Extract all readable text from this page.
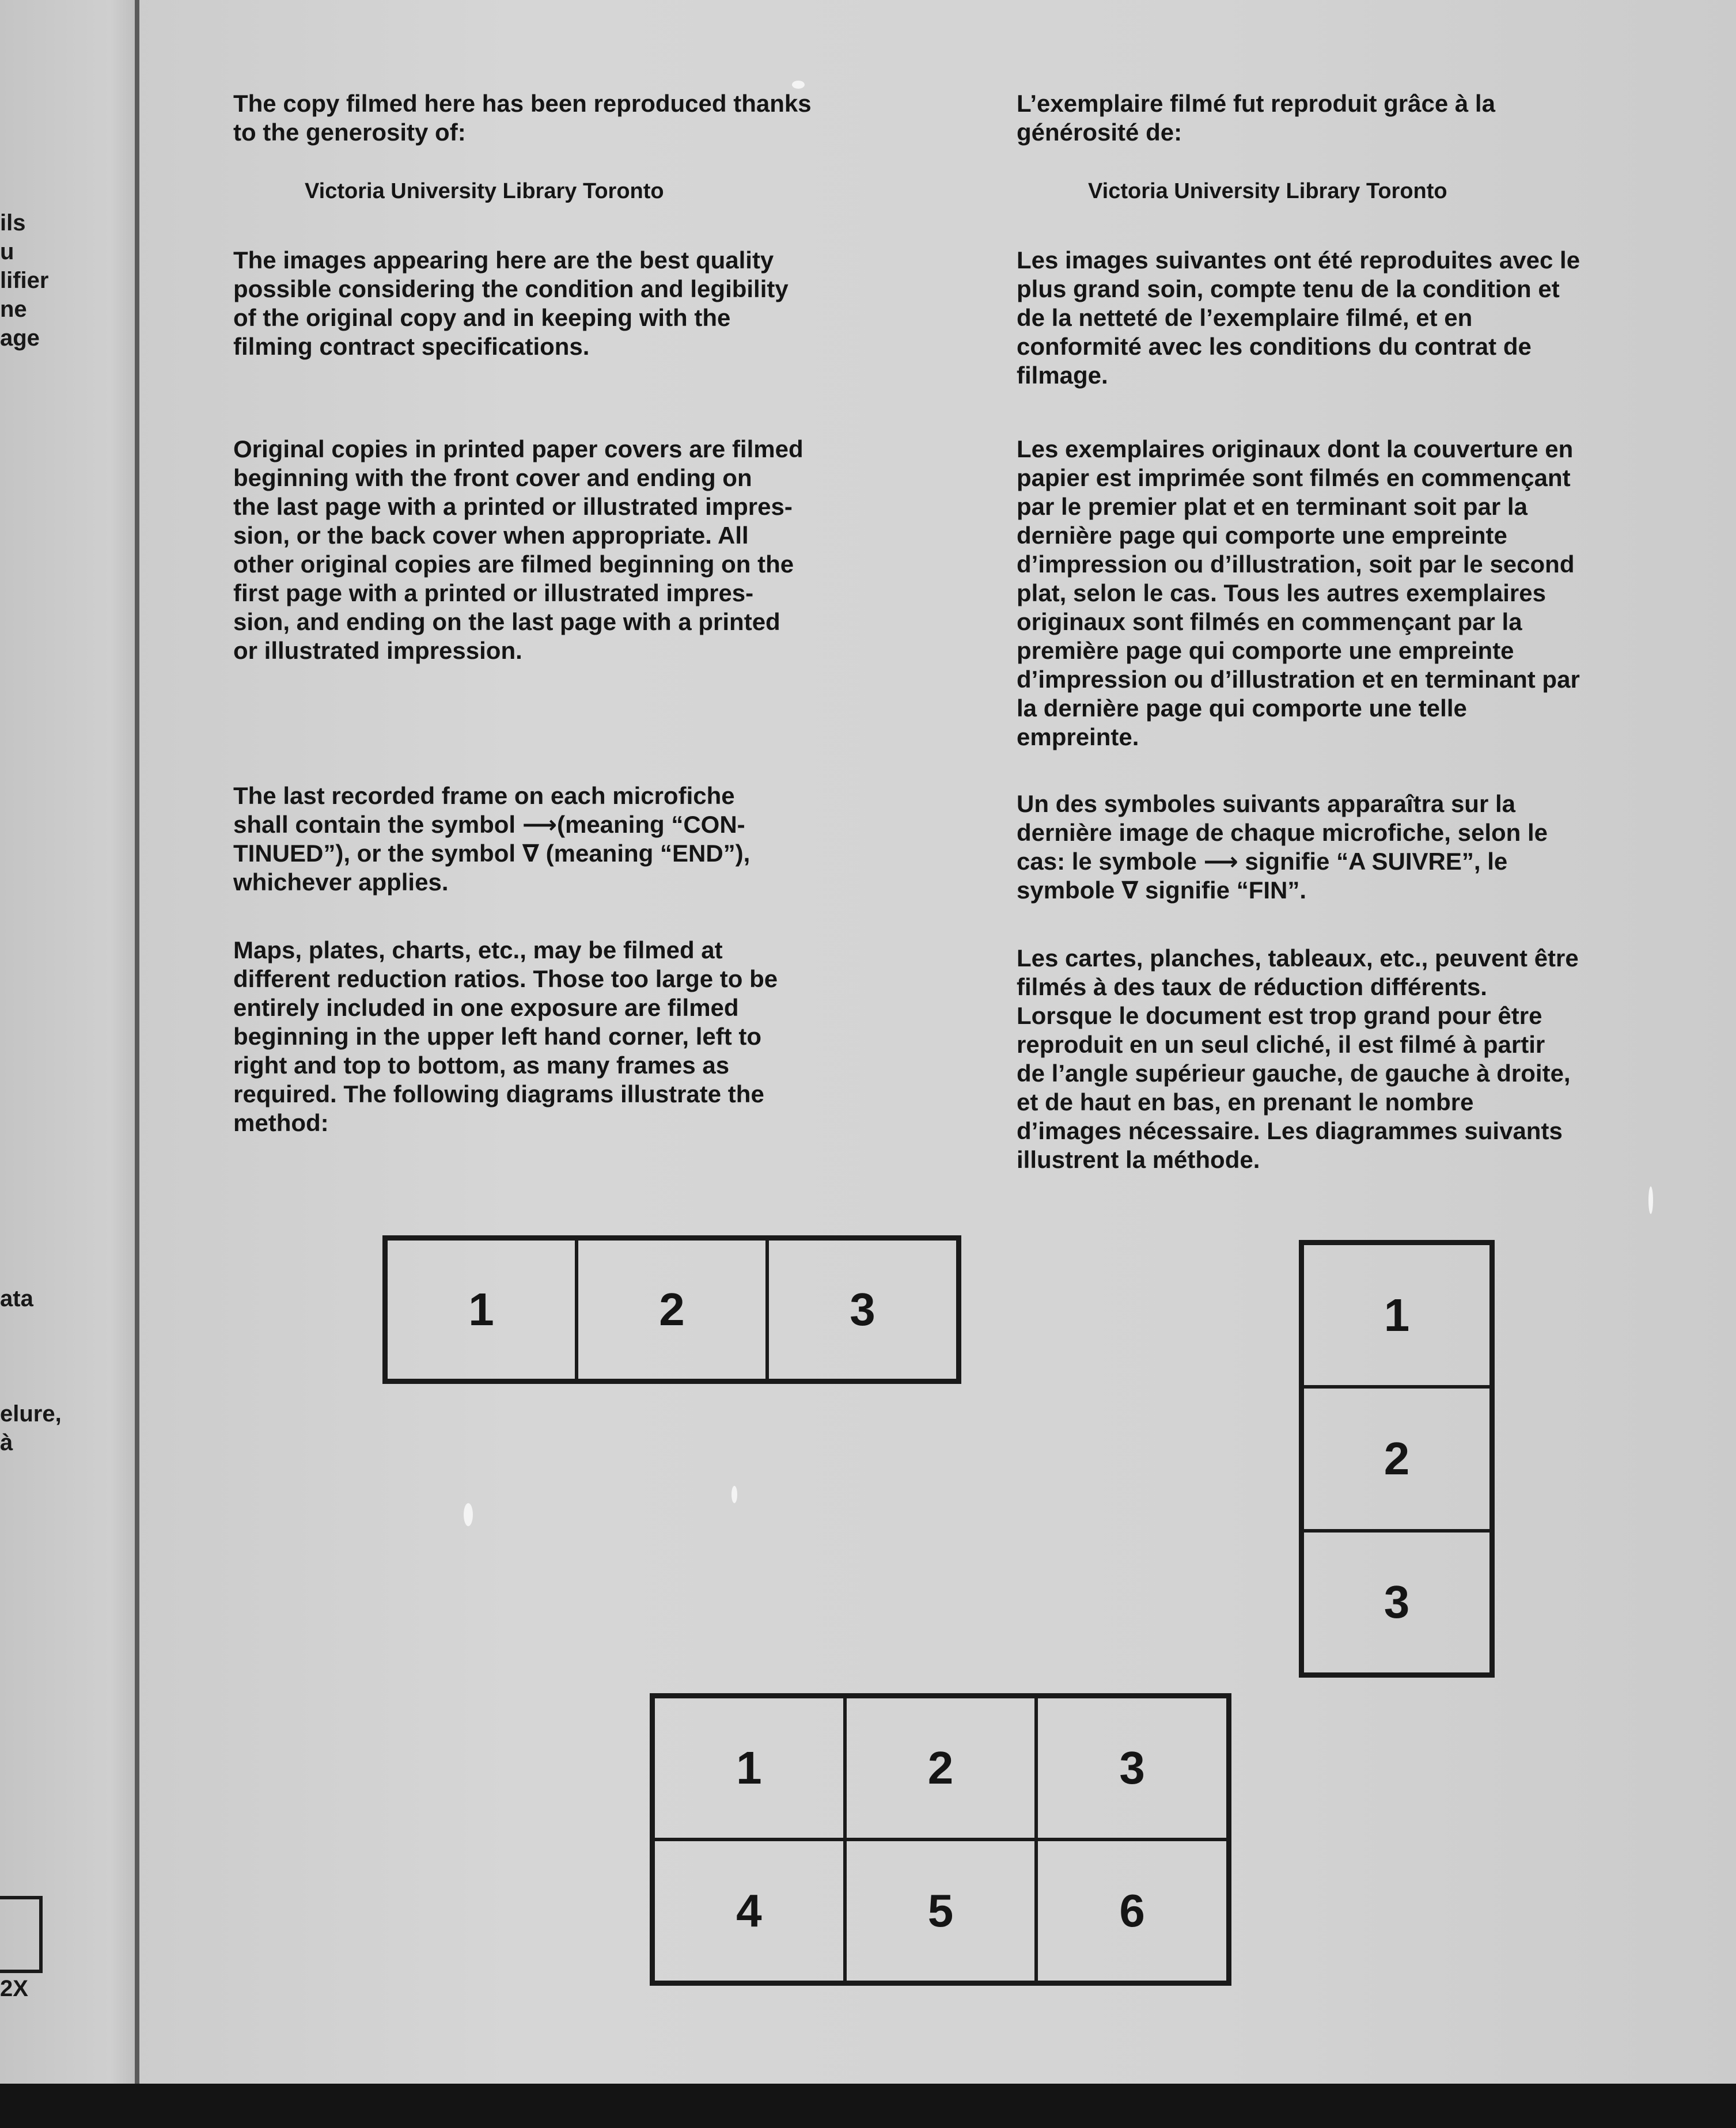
ils
u
lifier
ne
age
ata
elure,
à
2X

The copy filmed here has been reproduced thanks
to the generosity of:

Victoria University Library Toronto

The images appearing here are the best quality
possible considering the condition and legibility
of the original copy and in keeping with the
filming contract specifications.

Original copies in printed paper covers are filmed
beginning with the front cover and ending on
the last page with a printed or illustrated impres-
sion, or the back cover when appropriate. All
other original copies are filmed beginning on the
first page with a printed or illustrated impres-
sion, and ending on the last page with a printed
or illustrated impression.

The last recorded frame on each microfiche
shall contain the symbol ⟶(meaning “CON-
TINUED”), or the symbol ∇ (meaning “END”),
whichever applies.

Maps, plates, charts, etc., may be filmed at
different reduction ratios. Those too large to be
entirely included in one exposure are filmed
beginning in the upper left hand corner, left to
right and top to bottom, as many frames as
required. The following diagrams illustrate the
method:

L’exemplaire filmé fut reproduit grâce à la
générosité de:

Victoria University Library Toronto

Les images suivantes ont été reproduites avec le
plus grand soin, compte tenu de la condition et
de la netteté de l’exemplaire filmé, et en
conformité avec les conditions du contrat de
filmage.

Les exemplaires originaux dont la couverture en
papier est imprimée sont filmés en commençant
par le premier plat et en terminant soit par la
dernière page qui comporte une empreinte
d’impression ou d’illustration, soit par le second
plat, selon le cas. Tous les autres exemplaires
originaux sont filmés en commençant par la
première page qui comporte une empreinte
d’impression ou d’illustration et en terminant par
la dernière page qui comporte une telle
empreinte.

Un des symboles suivants apparaîtra sur la
dernière image de chaque microfiche, selon le
cas: le symbole ⟶ signifie “A SUIVRE”, le
symbole ∇ signifie “FIN”.

Les cartes, planches, tableaux, etc., peuvent être
filmés à des taux de réduction différents.
Lorsque le document est trop grand pour être
reproduit en un seul cliché, il est filmé à partir
de l’angle supérieur gauche, de gauche à droite,
et de haut en bas, en prenant le nombre
d’images nécessaire. Les diagrammes suivants
illustrent la méthode.

1	2	3	1
2
3
1	2	3
4	5	6
